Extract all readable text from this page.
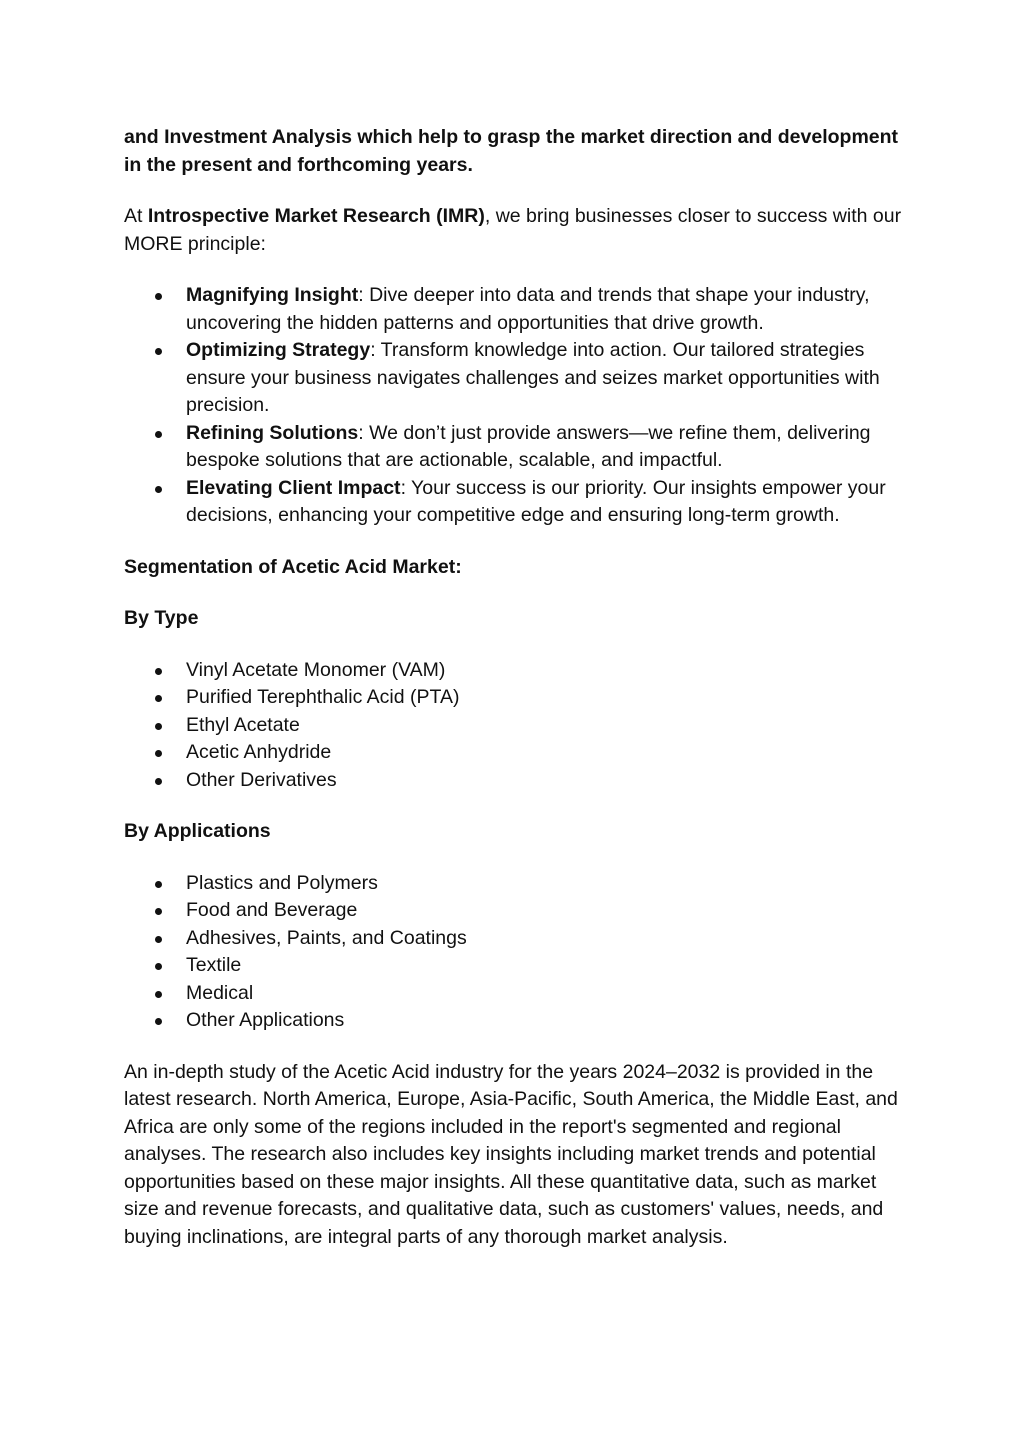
and Investment Analysis which help to grasp the market direction and development in the present and forthcoming years.

At Introspective Market Research (IMR), we bring businesses closer to success with our MORE principle:

Magnifying Insight: Dive deeper into data and trends that shape your industry, uncovering the hidden patterns and opportunities that drive growth.
Optimizing Strategy: Transform knowledge into action. Our tailored strategies ensure your business navigates challenges and seizes market opportunities with precision.
Refining Solutions: We don’t just provide answers—we refine them, delivering bespoke solutions that are actionable, scalable, and impactful.
Elevating Client Impact: Your success is our priority. Our insights empower your decisions, enhancing your competitive edge and ensuring long-term growth.

Segmentation of Acetic Acid Market:

By Type

Vinyl Acetate Monomer (VAM)
Purified Terephthalic Acid (PTA)
Ethyl Acetate
Acetic Anhydride
Other Derivatives

By Applications

Plastics and Polymers
Food and Beverage
Adhesives, Paints, and Coatings
Textile
Medical
Other Applications

An in-depth study of the Acetic Acid industry for the years 2024–2032 is provided in the latest research. North America, Europe, Asia-Pacific, South America, the Middle East, and Africa are only some of the regions included in the report's segmented and regional analyses. The research also includes key insights including market trends and potential opportunities based on these major insights. All these quantitative data, such as market size and revenue forecasts, and qualitative data, such as customers' values, needs, and buying inclinations, are integral parts of any thorough market analysis.
